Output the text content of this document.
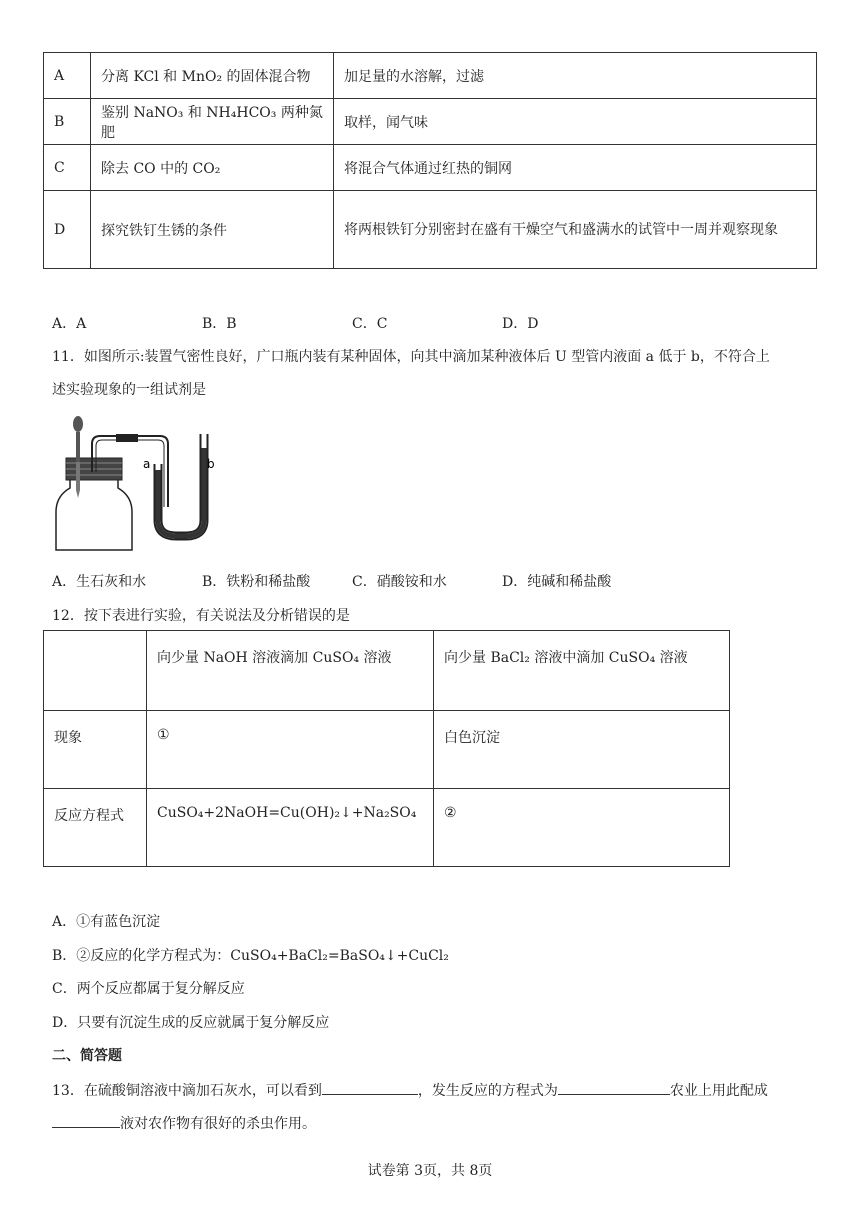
A	分离 KCl 和 MnO₂ 的固体混合物	加足量的水溶解，过滤
B	鉴别 NaNO₃ 和 NH₄HCO₃ 两种氮肥	取样，闻气味
C	除去 CO 中的 CO₂	将混合气体通过红热的铜网
D	探究铁钉生锈的条件	将两根铁钉分别密封在盛有干燥空气和盛满水的试管中一周并观察现象
A．A	B．B	C．C	D．D
11．如图所示:装置气密性良好，广口瓶内装有某种固体，向其中滴加某种液体后 U 型管内液面 a 低于 b，不符合上
述实验现象的一组试剂是
a	b
A．生石灰和水	B．铁粉和稀盐酸	C．硝酸铵和水	D．纯碱和稀盐酸
12．按下表进行实验，有关说法及分析错误的是
	向少量 NaOH 溶液滴加 CuSO₄ 溶液	向少量 BaCl₂ 溶液中滴加 CuSO₄ 溶液
现象	①	白色沉淀
反应方程式	CuSO₄+2NaOH=Cu(OH)₂↓+Na₂SO₄	②
A．①有蓝色沉淀
B．②反应的化学方程式为：CuSO₄+BaCl₂=BaSO₄↓+CuCl₂
C．两个反应都属于复分解反应
D．只要有沉淀生成的反应就属于复分解反应
二、简答题
13．在硫酸铜溶液中滴加石灰水，可以看到	，发生反应的方程式为	农业上用此配成
液对农作物有很好的杀虫作用。
试卷第 3页，共 8页
